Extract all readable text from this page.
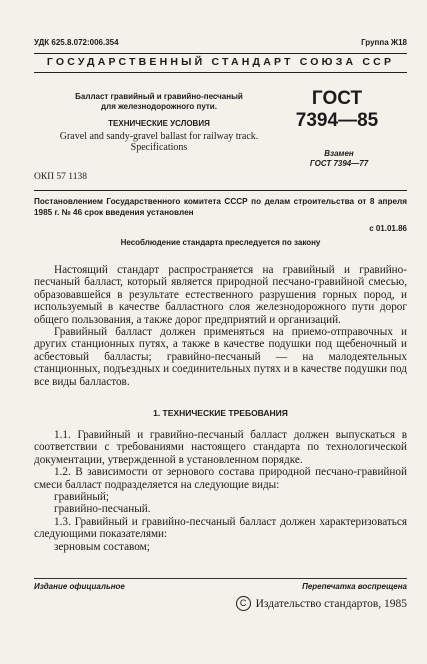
УДК 625.8.072:006.354	Группа Ж18
ГОСУДАРСТВЕННЫЙ СТАНДАРТ СОЮЗА ССР
Балласт гравийный и гравийно-песчаный
для железнодорожного пути.
ТЕХНИЧЕСКИЕ УСЛОВИЯ
Gravel and sandy-gravel ballast for railway track.
Specifications
ГОСТ
7394—85
Взамен
ГОСТ 7394—77
ОКП 57 1138
Постановлением Государственного комитета СССР по делам строительства от 8 апреля 1985 г. № 46 срок введения установлен
с 01.01.86
Несоблюдение стандарта преследуется по закону

Настоящий стандарт распространяется на гравийный и гравийно-песчаный балласт, который является природной песчано-гравийной смесью, образовавшейся в результате естественного разрушения горных пород, и используемый в качестве балластного слоя железнодорожного пути дорог общего пользования, а также дорог предприятий и организаций.

Гравийный балласт должен применяться на приемо-отправочных и других станционных путях, а также в качестве подушки под щебеночный и асбестовый балласты; гравийно-песчаный — на малодеятельных станционных, подъездных и соединительных путях и в качестве подушки под все виды балластов.

1. ТЕХНИЧЕСКИЕ ТРЕБОВАНИЯ

1.1. Гравийный и гравийно-песчаный балласт должен выпускаться в соответствии с требованиями настоящего стандарта по технологической документации, утвержденной в установленном порядке.

1.2. В зависимости от зернового состава природной песчано-гравийной смеси балласт подразделяется на следующие виды:

гравийный;

гравийно-песчаный.

1.3. Гравийный и гравийно-песчаный балласт должен характеризоваться следующими показателями:

зерновым составом;

Издание официальное	Перепечатка воспрещена
С Издательство стандартов, 1985
